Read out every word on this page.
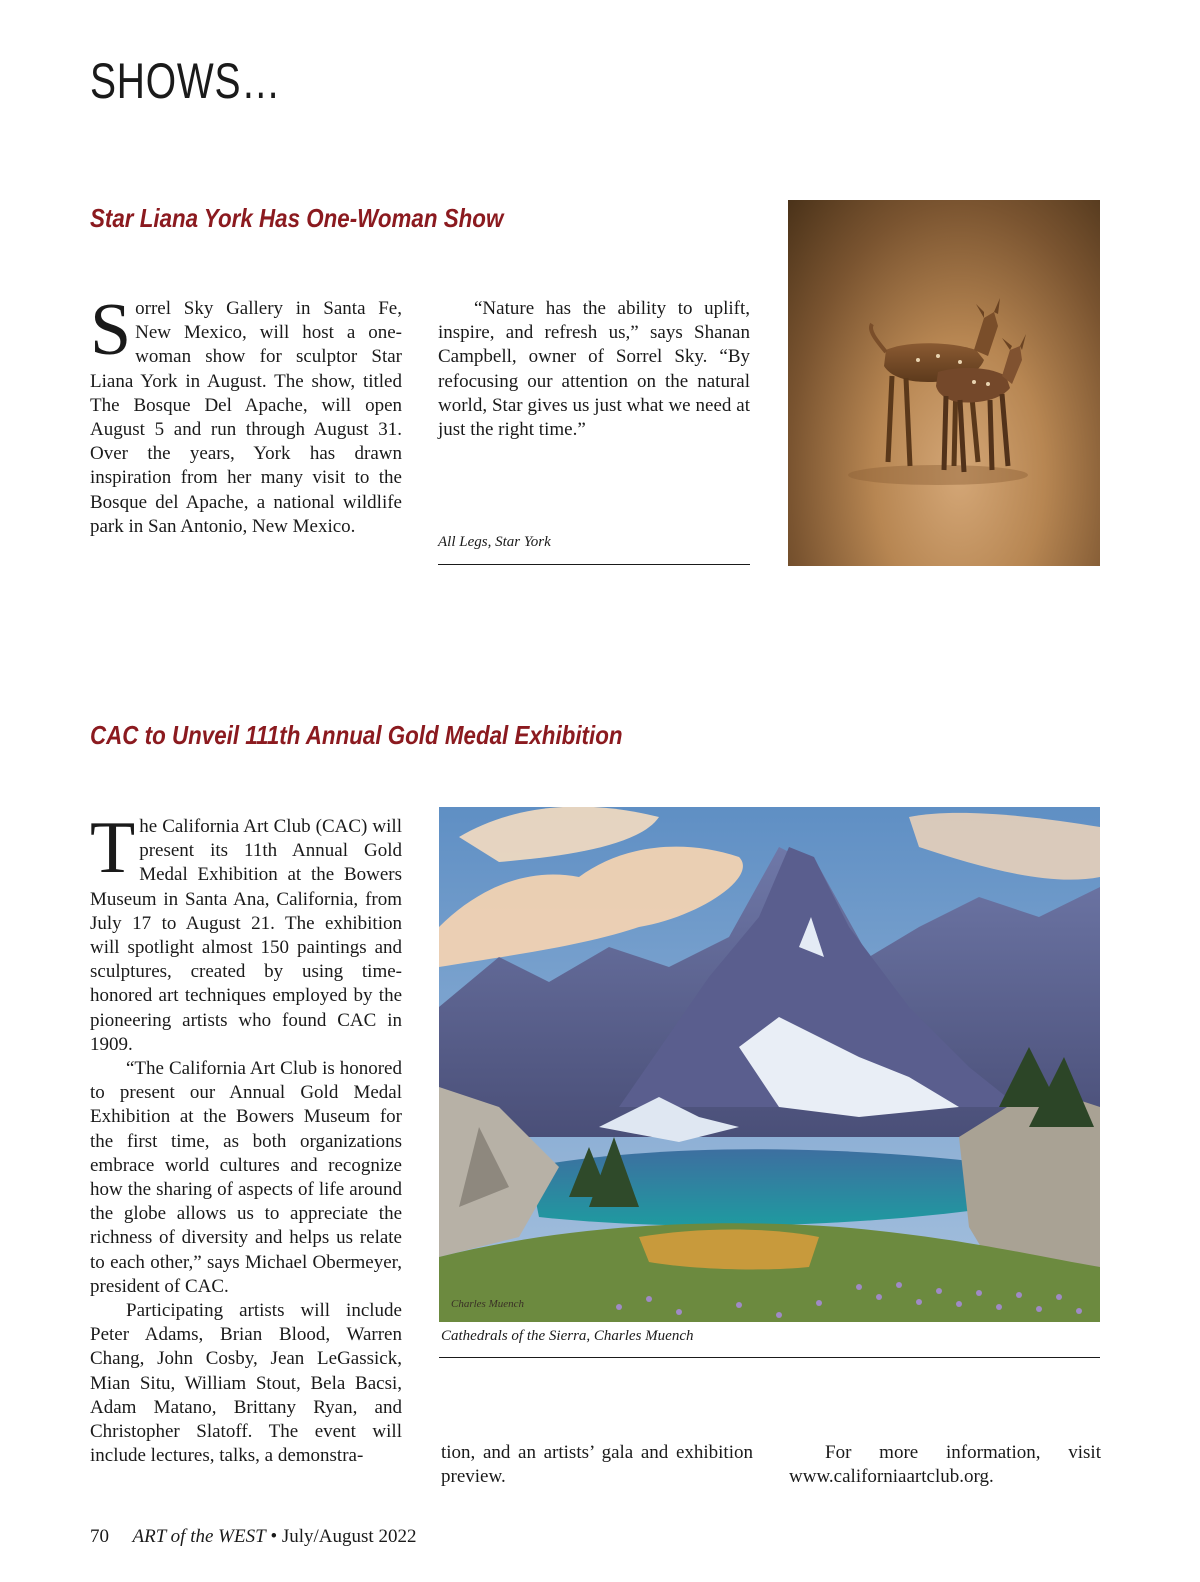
SHOWS…
Star Liana York Has One-Woman Show

Sorrel Sky Gallery in Santa Fe, New Mexico, will host a one-woman show for sculptor Star Liana York in August. The show, titled The Bosque Del Apache, will open August 5 and run through August 31. Over the years, York has drawn inspiration from her many visit to the Bosque del Apache, a national wildlife park in San Antonio, New Mexico.

“Nature has the ability to uplift, inspire, and refresh us,” says Shanan Campbell, owner of Sorrel Sky. “By refocusing our attention on the natural world, Star gives us just what we need at just the right time.”

All Legs, Star York
CAC to Unveil 111th Annual Gold Medal Exhibition

The California Art Club (CAC) will present its 11th Annual Gold Medal Exhibition at the Bowers Museum in Santa Ana, California, from July 17 to August 21. The exhibition will spotlight almost 150 paintings and sculptures, created by using time-honored art techniques employed by the pioneering artists who found CAC in 1909.

“The California Art Club is honored to present our Annual Gold Medal Exhibition at the Bowers Museum for the first time, as both organizations embrace world cultures and recognize how the sharing of aspects of life around the globe allows us to appreciate the richness of diversity and helps us relate to each other,” says Michael Obermeyer, president of CAC.

Participating artists will include Peter Adams, Brian Blood, Warren Chang, John Cosby, Jean LeGassick, Mian Situ, William Stout, Bela Bacsi, Adam Matano, Brittany Ryan, and Christopher Slatoff. The event will include lectures, talks, a demonstra-

Charles Muench
Cathedrals of the Sierra, Charles Muench

tion, and an artists’ gala and exhibition preview.

For more information, visit www.californiaartclub.org.

70 ART of the WEST • July/August 2022
